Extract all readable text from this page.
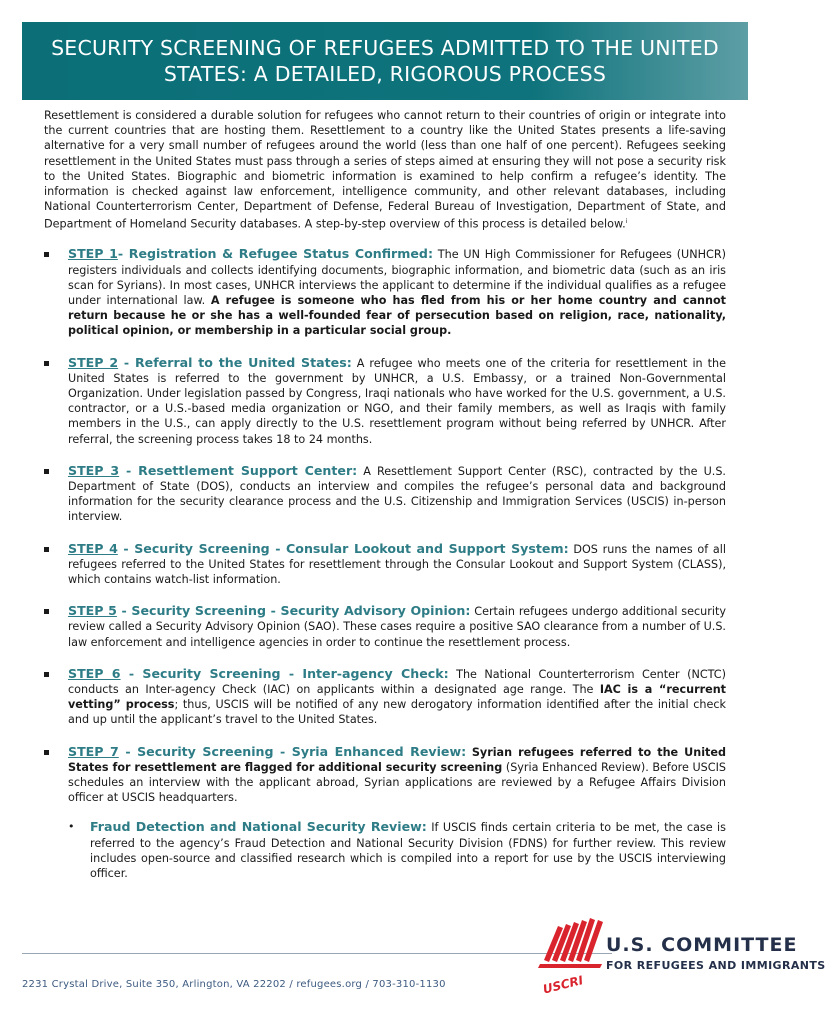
SECURITY SCREENING OF REFUGEES ADMITTED TO THE UNITED STATES: A DETAILED, RIGOROUS PROCESS

Resettlement is considered a durable solution for refugees who cannot return to their countries of origin or integrate into the current countries that are hosting them. Resettlement to a country like the United States presents a life-saving alternative for a very small number of refugees around the world (less than one half of one percent). Refugees seeking resettlement in the United States must pass through a series of steps aimed at ensuring they will not pose a security risk to the United States. Biographic and biometric information is examined to help confirm a refugee’s identity. The information is checked against law enforcement, intelligence community, and other relevant databases, including National Counterterrorism Center, Department of Defense, Federal Bureau of Investigation, Department of State, and Department of Homeland Security databases. A step-by-step overview of this process is detailed below.$^i$

STEP 1- Registration & Refugee Status Confirmed: The UN High Commissioner for Refugees (UNHCR) registers individuals and collects identifying documents, biographic information, and biometric data (such as an iris scan for Syrians). In most cases, UNHCR interviews the applicant to determine if the individual qualifies as a refugee under international law. A refugee is someone who has fled from his or her home country and cannot return because he or she has a well-founded fear of persecution based on religion, race, nationality, political opinion, or membership in a particular social group.

STEP 2 - Referral to the United States: A refugee who meets one of the criteria for resettlement in the United States is referred to the government by UNHCR, a U.S. Embassy, or a trained Non-Governmental Organization. Under legislation passed by Congress, Iraqi nationals who have worked for the U.S. government, a U.S. contractor, or a U.S.-based media organization or NGO, and their family members, as well as Iraqis with family members in the U.S., can apply directly to the U.S. resettlement program without being referred by UNHCR. After referral, the screening process takes 18 to 24 months.

STEP 3 - Resettlement Support Center: A Resettlement Support Center (RSC), contracted by the U.S. Department of State (DOS), conducts an interview and compiles the refugee’s personal data and background information for the security clearance process and the U.S. Citizenship and Immigration Services (USCIS) in-person interview.

STEP 4 - Security Screening - Consular Lookout and Support System: DOS runs the names of all refugees referred to the United States for resettlement through the Consular Lookout and Support System (CLASS), which contains watch-list information.

STEP 5 - Security Screening - Security Advisory Opinion: Certain refugees undergo additional security review called a Security Advisory Opinion (SAO). These cases require a positive SAO clearance from a number of U.S. law enforcement and intelligence agencies in order to continue the resettlement process.

STEP 6 - Security Screening - Inter-agency Check: The National Counterterrorism Center (NCTC) conducts an Inter-agency Check (IAC) on applicants within a designated age range. The IAC is a “recurrent vetting” process; thus, USCIS will be notified of any new derogatory information identified after the initial check and up until the applicant’s travel to the United States.

STEP 7 - Security Screening - Syria Enhanced Review: Syrian refugees referred to the United States for resettlement are flagged for additional security screening (Syria Enhanced Review). Before USCIS schedules an interview with the applicant abroad, Syrian applications are reviewed by a Refugee Affairs Division officer at USCIS headquarters.

• Fraud Detection and National Security Review: If USCIS finds certain criteria to be met, the case is referred to the agency’s Fraud Detection and National Security Division (FDNS) for further review. This review includes open-source and classified research which is compiled into a report for use by the USCIS interviewing officer.

2231 Crystal Drive, Suite 350, Arlington, VA 22202 / refugees.org / 703-310-1130	USCRI
U.S. COMMITTEE
FOR REFUGEES AND IMMIGRANTS
